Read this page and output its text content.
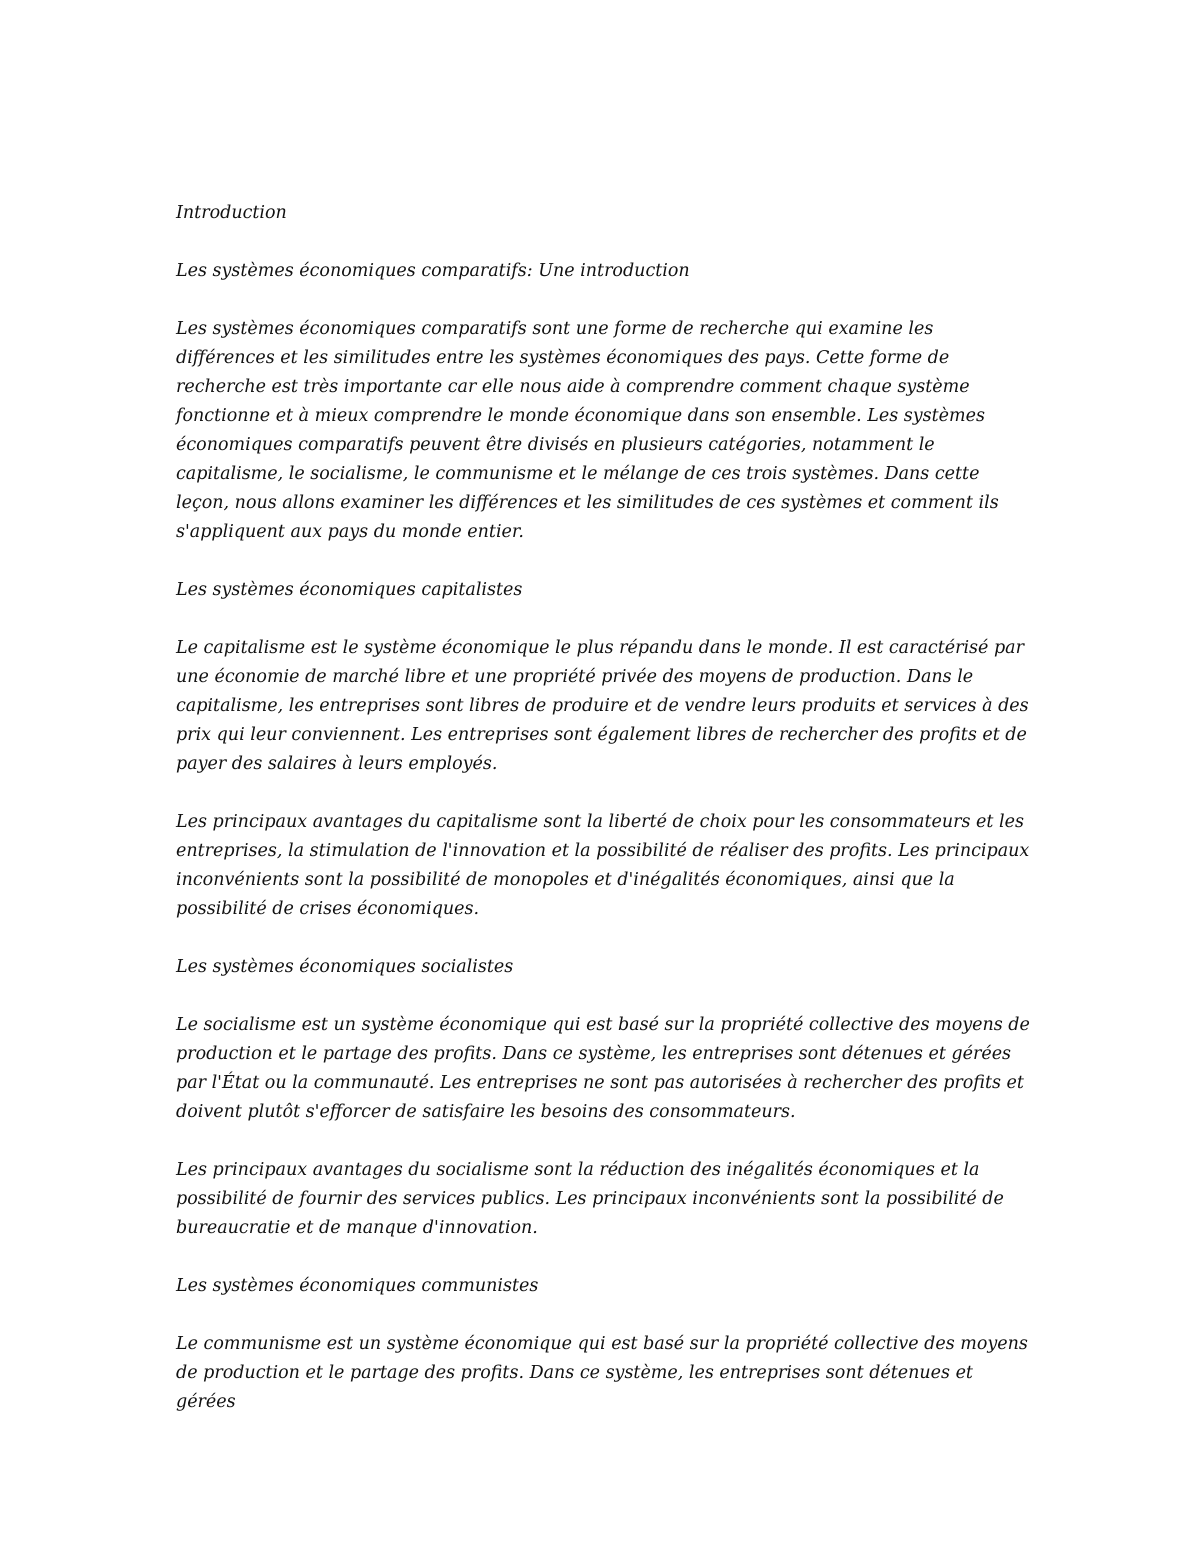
Introduction

Les systèmes économiques comparatifs: Une introduction

Les systèmes économiques comparatifs sont une forme de recherche qui examine les différences et les similitudes entre les systèmes économiques des pays. Cette forme de recherche est très importante car elle nous aide à comprendre comment chaque système fonctionne et à mieux comprendre le monde économique dans son ensemble. Les systèmes économiques comparatifs peuvent être divisés en plusieurs catégories, notamment le capitalisme, le socialisme, le communisme et le mélange de ces trois systèmes. Dans cette leçon, nous allons examiner les différences et les similitudes de ces systèmes et comment ils s'appliquent aux pays du monde entier.

Les systèmes économiques capitalistes

Le capitalisme est le système économique le plus répandu dans le monde. Il est caractérisé par une économie de marché libre et une propriété privée des moyens de production. Dans le capitalisme, les entreprises sont libres de produire et de vendre leurs produits et services à des prix qui leur conviennent. Les entreprises sont également libres de rechercher des profits et de payer des salaires à leurs employés.

Les principaux avantages du capitalisme sont la liberté de choix pour les consommateurs et les entreprises, la stimulation de l'innovation et la possibilité de réaliser des profits. Les principaux inconvénients sont la possibilité de monopoles et d'inégalités économiques, ainsi que la possibilité de crises économiques.

Les systèmes économiques socialistes

Le socialisme est un système économique qui est basé sur la propriété collective des moyens de production et le partage des profits. Dans ce système, les entreprises sont détenues et gérées par l'État ou la communauté. Les entreprises ne sont pas autorisées à rechercher des profits et doivent plutôt s'efforcer de satisfaire les besoins des consommateurs.

Les principaux avantages du socialisme sont la réduction des inégalités économiques et la possibilité de fournir des services publics. Les principaux inconvénients sont la possibilité de bureaucratie et de manque d'innovation.

Les systèmes économiques communistes

Le communisme est un système économique qui est basé sur la propriété collective des moyens de production et le partage des profits. Dans ce système, les entreprises sont détenues et gérées
